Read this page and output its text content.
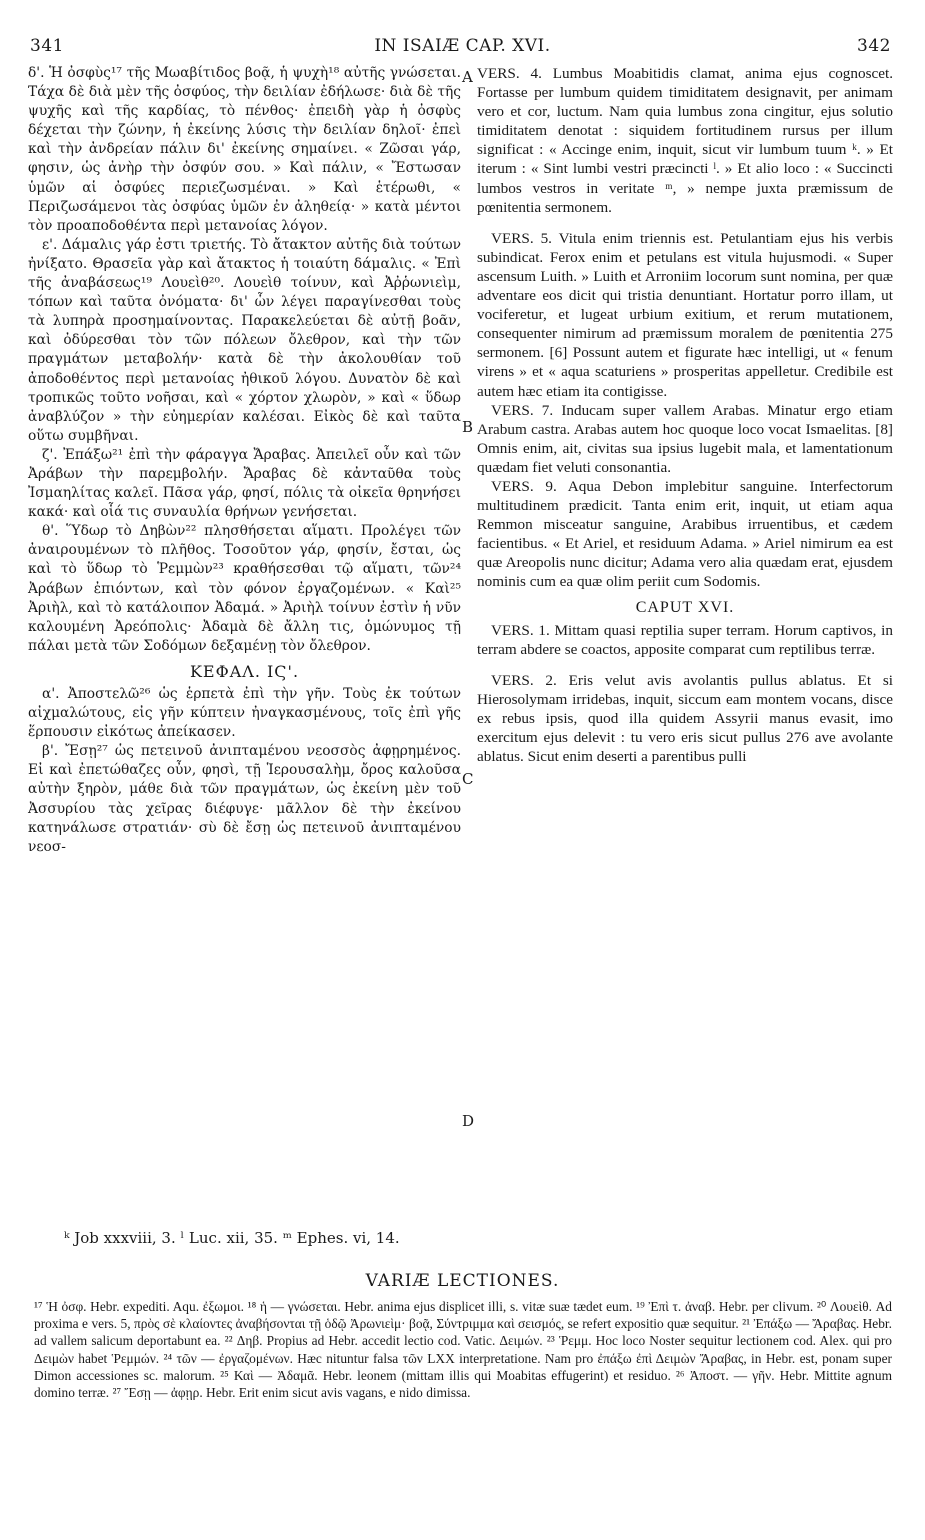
341	IN ISAIÆ CAP. XVI.	342

δ'. Ἡ ὀσφὺς¹⁷ τῆς Μωαβίτιδος βοᾷ, ἡ ψυχὴ¹⁸ αὐτῆς γνώσεται. Τάχα δὲ διὰ μὲν τῆς ὀσφύος, τὴν δειλίαν ἐδήλωσε· διὰ δὲ τῆς ψυχῆς καὶ τῆς καρδίας, τὸ πένθος· ἐπειδὴ γὰρ ἡ ὀσφὺς δέχεται τὴν ζώνην, ἡ ἐκείνης λύσις τὴν δειλίαν δηλοῖ· ἐπεὶ καὶ τὴν ἀνδρείαν πάλιν δι' ἐκείνης σημαίνει. « Ζῶσαι γάρ, φησιν, ὡς ἀνὴρ τὴν ὀσφύν σου. » Καὶ πάλιν, « Ἔστωσαν ὑμῶν αἱ ὀσφύες περιεζωσμέναι. » Καὶ ἑτέρωθι, « Περιζωσάμενοι τὰς ὀσφύας ὑμῶν ἐν ἀληθείᾳ· » κατὰ μέντοι τὸν προαποδοθέντα περὶ μετανοίας λόγον.

ε'. Δάμαλις γάρ ἐστι τριετής. Τὸ ἄτακτον αὐτῆς διὰ τούτων ἠνίξατο. Θρασεῖα γὰρ καὶ ἄτακτος ἡ τοιαύτη δάμαλις. « Ἐπὶ τῆς ἀναβάσεως¹⁹ Λουεὶθ²⁰. Λουεὶθ τοίνυν, καὶ Ἀῤῥωνιεὶμ, τόπων καὶ ταῦτα ὀνόματα· δι' ὧν λέγει παραγίνεσθαι τοὺς τὰ λυπηρὰ προσημαίνοντας. Παρακελεύεται δὲ αὐτῇ βοᾶν, καὶ ὀδύρεσθαι τὸν τῶν πόλεων ὄλεθρον, καὶ τὴν τῶν πραγμάτων μεταβολήν· κατὰ δὲ τὴν ἀκολουθίαν τοῦ ἀποδοθέντος περὶ μετανοίας ἠθικοῦ λόγου. Δυνατὸν δὲ καὶ τροπικῶς τοῦτο νοῆσαι, καὶ « χόρτον χλωρὸν, » καὶ « ὕδωρ ἀναβλύζον » τὴν εὐημερίαν καλέσαι. Εἰκὸς δὲ καὶ ταῦτα οὕτω συμβῆναι.

ζ'. Ἐπάξω²¹ ἐπὶ τὴν φάραγγα Ἄραβας. Ἀπειλεῖ οὖν καὶ τῶν Ἀράβων τὴν παρεμβολήν. Ἄραβας δὲ κἀνταῦθα τοὺς Ἰσμαηλίτας καλεῖ. Πᾶσα γάρ, φησί, πόλις τὰ οἰκεῖα θρηνήσει κακά· καὶ οἷά τις συναυλία θρήνων γενήσεται.

θ'. Ὕδωρ τὸ Δηβὼν²² πλησθήσεται αἵματι. Προλέγει τῶν ἀναιρουμένων τὸ πλῆθος. Τοσοῦτον γάρ, φησίν, ἔσται, ὡς καὶ τὸ ὕδωρ τὸ Ῥεμμὼν²³ κραθήσεσθαι τῷ αἵματι, τῶν²⁴ Ἀράβων ἐπιόντων, καὶ τὸν φόνον ἐργαζομένων. « Καὶ²⁵ Ἀριὴλ, καὶ τὸ κατάλοιπον Ἀδαμά. » Ἀριὴλ τοίνυν ἐστὶν ἡ νῦν καλουμένη Ἀρεόπολις· Ἀδαμὰ δὲ ἄλλη τις, ὁμώνυμος τῇ πάλαι μετὰ τῶν Σοδόμων δεξαμένῃ τὸν ὄλεθρον.

ΚΕΦΑΛ. ΙϚ'.

α'. Ἀποστελῶ²⁶ ὡς ἑρπετὰ ἐπὶ τὴν γῆν. Τοὺς ἐκ τούτων αἰχμαλώτους, εἰς γῆν κύπτειν ἠναγκασμένους, τοῖς ἐπὶ γῆς ἕρπουσιν εἰκότως ἀπείκασεν.

β'. Ἔσῃ²⁷ ὡς πετεινοῦ ἀνιπταμένου νεοσσὸς ἀφῃρημένος. Εἰ καὶ ἐπετώθαζες οὖν, φησὶ, τῇ Ἱερουσαλὴμ, ὄρος καλοῦσα αὐτὴν ξηρὸν, μάθε διὰ τῶν πραγμάτων, ὡς ἐκείνη μὲν τοῦ Ἀσσυρίου τὰς χεῖρας διέφυγε· μᾶλλον δὲ τὴν ἐκείνου κατηνάλωσε στρατιάν· σὺ δὲ ἔσῃ ὡς πετεινοῦ ἀνιπταμένου νεοσ-

A
B
C
D

VERS. 4. Lumbus Moabitidis clamat, anima ejus cognoscet. Fortasse per lumbum quidem timiditatem designavit, per animam vero et cor, luctum. Nam quia lumbus zona cingitur, ejus solutio timiditatem denotat : siquidem fortitudinem rursus per illum significat : « Accinge enim, inquit, sicut vir lumbum tuum ᵏ. » Et iterum : « Sint lumbi vestri præcincti ˡ. » Et alio loco : « Succincti lumbos vestros in veritate ᵐ, » nempe juxta præmissum de pœnitentia sermonem.

VERS. 5. Vitula enim triennis est. Petulantiam ejus his verbis subindicat. Ferox enim et petulans est vitula hujusmodi. « Super ascensum Luith. » Luith et Arroniim locorum sunt nomina, per quæ adventare eos dicit qui tristia denuntiant. Hortatur porro illam, ut vociferetur, et lugeat urbium exitium, et rerum mutationem, consequenter nimirum ad præmissum moralem de pœnitentia 275 sermonem. [6] Possunt autem et figurate hæc intelligi, ut « fenum virens » et « aqua scaturiens » prosperitas appelletur. Credibile est autem hæc etiam ita contigisse.

VERS. 7. Inducam super vallem Arabas. Minatur ergo etiam Arabum castra. Arabas autem hoc quoque loco vocat Ismaelitas. [8] Omnis enim, ait, civitas sua ipsius lugebit mala, et lamentationum quædam fiet veluti consonantia.

VERS. 9. Aqua Debon implebitur sanguine. Interfectorum multitudinem prædicit. Tanta enim erit, inquit, ut etiam aqua Remmon misceatur sanguine, Arabibus irruentibus, et cædem facientibus. « Et Ariel, et residuum Adama. » Ariel nimirum ea est quæ Areopolis nunc dicitur; Adama vero alia quædam erat, ejusdem nominis cum ea quæ olim periit cum Sodomis.

CAPUT XVI.

VERS. 1. Mittam quasi reptilia super terram. Horum captivos, in terram abdere se coactos, apposite comparat cum reptilibus terræ.

VERS. 2. Eris velut avis avolantis pullus ablatus. Et si Hierosolymam irridebas, inquit, siccum eam montem vocans, disce ex rebus ipsis, quod illa quidem Assyrii manus evasit, imo exercitum ejus delevit : tu vero eris sicut pullus 276 ave avolante ablatus. Sicut enim deserti a parentibus pulli

ᵏ Job xxxviii, 3. ˡ Luc. xii, 35. ᵐ Ephes. vi, 14.
VARIÆ LECTIONES.
¹⁷ Ἡ ὀσφ. Hebr. expediti. Aqu. ἐξωμοι. ¹⁸ ἡ — γνώσεται. Hebr. anima ejus displicet illi, s. vitæ suæ tædet eum. ¹⁹ Ἐπὶ τ. ἀναβ. Hebr. per clivum. ²⁰ Λουεὶθ. Ad proxima e vers. 5, πρὸς σὲ κλαίοντες ἀναβήσονται τῇ ὁδῷ Ἀρωνιεὶμ· βοᾷ, Σύντριμμα καὶ σεισμός, se refert expositio quæ sequitur. ²¹ Ἐπάξω — Ἄραβας. Hebr. ad vallem salicum deportabunt ea. ²² Δηβ. Propius ad Hebr. accedit lectio cod. Vatic. Δειμών. ²³ Ῥεμμ. Hoc loco Noster sequitur lectionem cod. Alex. qui pro Δειμὼν habet Ῥεμμών. ²⁴ τῶν — ἐργαζομένων. Hæc nituntur falsa τῶν LXX interpretatione. Nam pro ἐπάξω ἐπὶ Δειμὼν Ἄραβας, in Hebr. est, ponam super Dimon accessiones sc. malorum. ²⁵ Καὶ — Ἀδαμᾶ. Hebr. leonem (mittam illis qui Moabitas effugerint) et residuo. ²⁶ Ἀποστ. — γῆν. Hebr. Mittite agnum domino terræ. ²⁷ Ἔσῃ — ἀφῃρ. Hebr. Erit enim sicut avis vagans, e nido dimissa.
